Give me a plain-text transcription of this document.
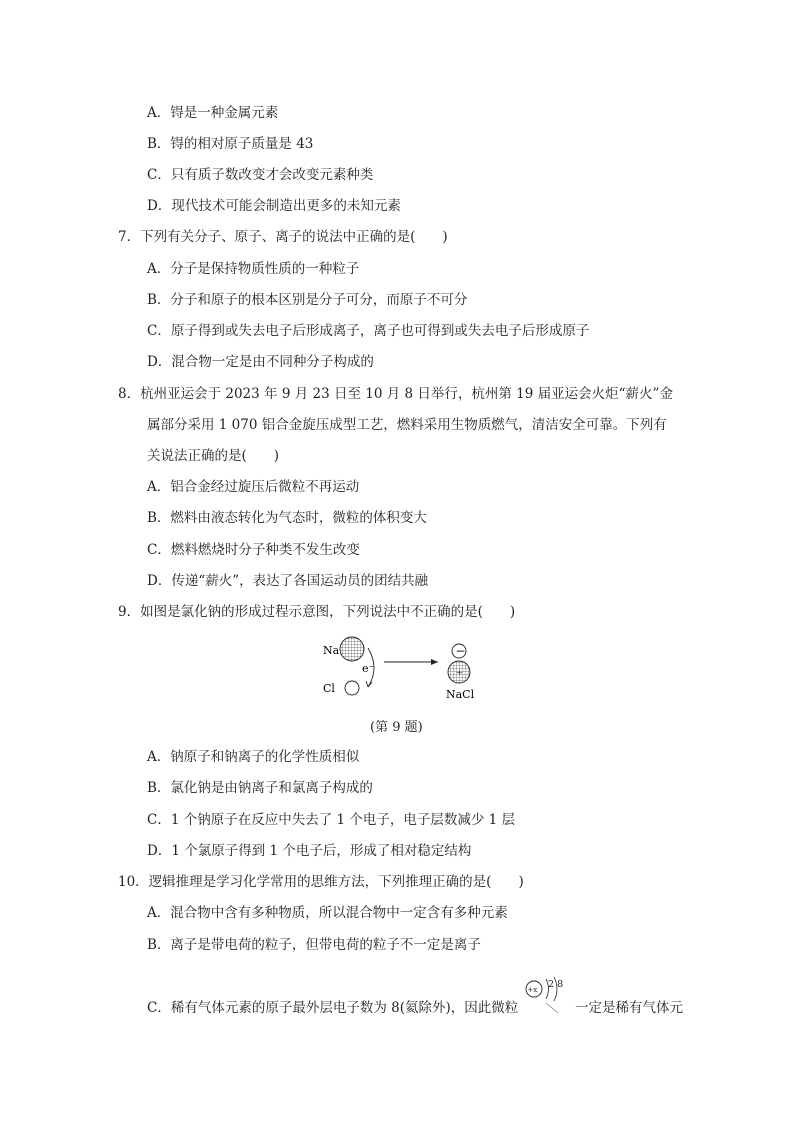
A．锝是一种金属元素
B．锝的相对原子质量是 43
C．只有质子数改变才会改变元素种类
D．现代技术可能会制造出更多的未知元素
7．下列有关分子、原子、离子的说法中正确的是(　　)
A．分子是保持物质性质的一种粒子
B．分子和原子的根本区别是分子可分，而原子不可分
C．原子得到或失去电子后形成离子，离子也可得到或失去电子后形成原子
D．混合物一定是由不同种分子构成的
8．杭州亚运会于 2023 年 9 月 23 日至 10 月 8 日举行，杭州第 19 届亚运会火炬“薪火”金
属部分采用 1 070 铝合金旋压成型工艺，燃料采用生物质燃气，清洁安全可靠。下列有
关说法正确的是(　　)
A．铝合金经过旋压后微粒不再运动
B．燃料由液态转化为气态时，微粒的体积变大
C．燃料燃烧时分子种类不发生改变
D．传递“薪火”，表达了各国运动员的团结共融
9．如图是氯化钠的形成过程示意图，下列说法中不正确的是(　　)
Na
e⁻
Cl
−
+
NaCl
(第 9 题)
A．钠原子和钠离子的化学性质相似
B．氯化钠是由钠离子和氯离子构成的
C．1 个钠原子在反应中失去了 1 个电子，电子层数减少 1 层
D．1 个氯原子得到 1 个电子后，形成了相对稳定结构
10．逻辑推理是学习化学常用的思维方法，下列推理正确的是(　　)
A．混合物中含有多种物质，所以混合物中一定含有多种元素
B．离子是带电荷的粒子，但带电荷的粒子不一定是离子
C．稀有气体元素的原子最外层电子数为 8(氦除外)，因此微粒
+x 2 8
一定是稀有气体元
